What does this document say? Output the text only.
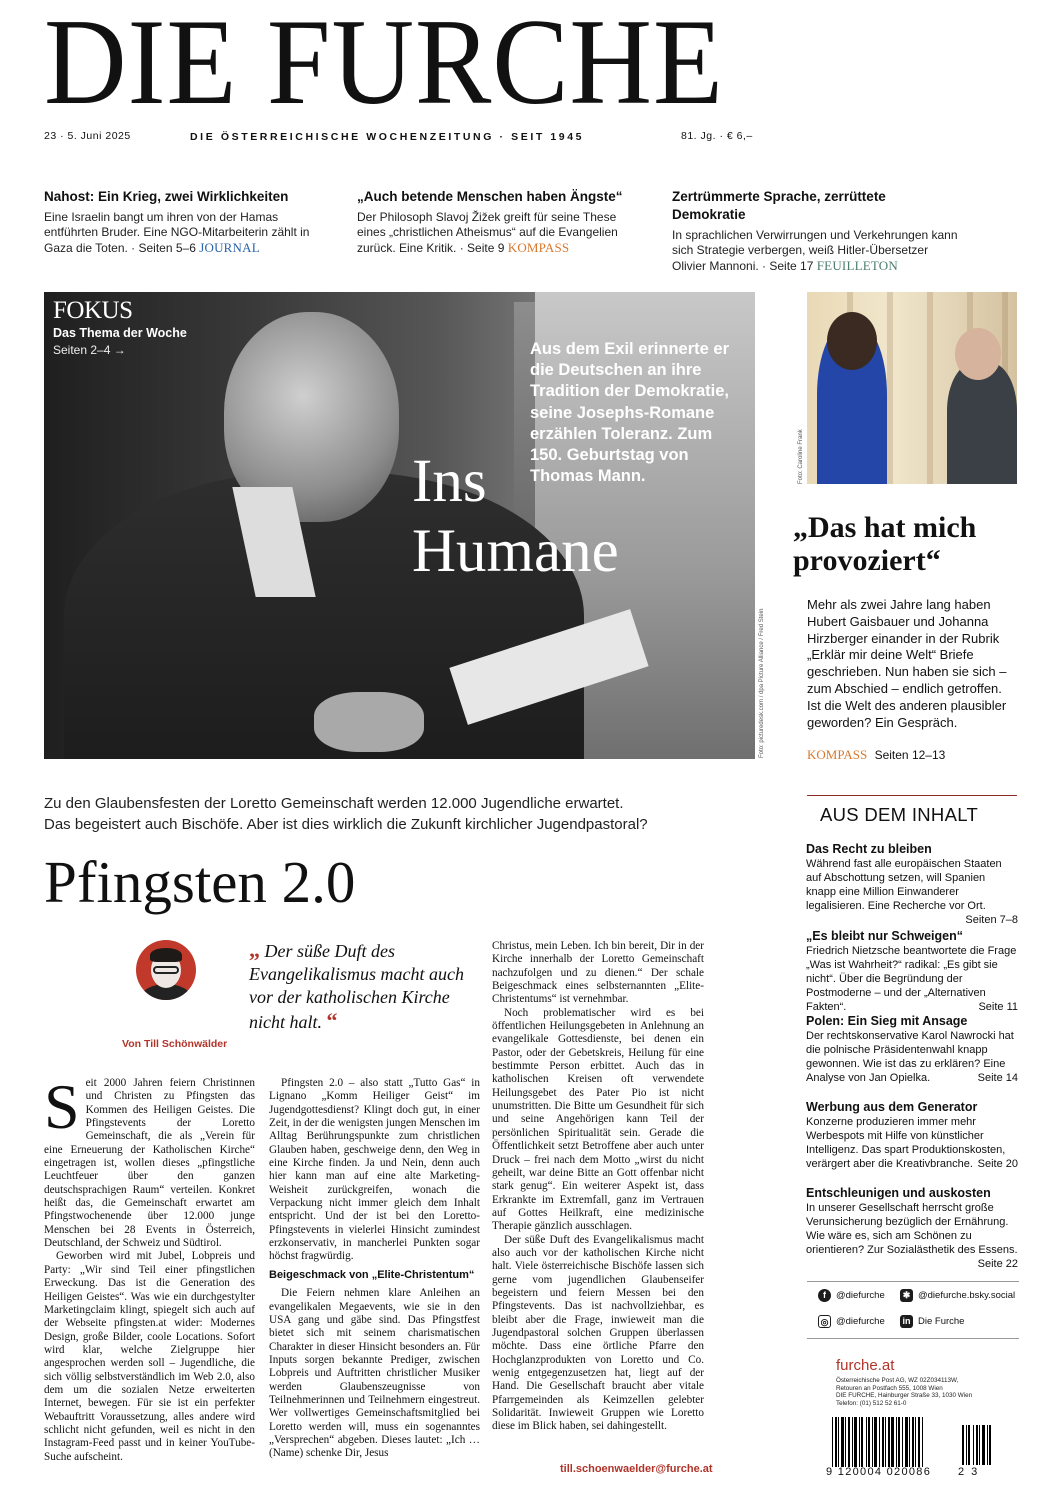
DIE FURCHE
23 · 5. Juni 2025	DIE ÖSTERREICHISCHE WOCHENZEITUNG · SEIT 1945	81. Jg. · € 6,–
Nahost: Ein Krieg, zwei Wirklichkeiten

Eine Israelin bangt um ihren von der Hamas entführten Bruder. Eine NGO-Mitarbeiterin zählt in Gaza die Toten. · Seiten 5–6 JOURNAL

„Auch betende Menschen haben Ängste“

Der Philosoph Slavoj Žižek greift für seine These eines „christlichen Atheismus“ auf die Evangelien zurück. Eine Kritik. · Seite 9 KOMPASS

Zertrümmerte Sprache, zerrüttete Demokratie

In sprachlichen Verwirrungen und Verkehrungen kann sich Strategie verbergen, weiß Hitler-Übersetzer Olivier Mannoni. · Seite 17 FEUILLETON

FOKUS
Das Thema der Woche
Seiten 2–4 →	Aus dem Exil erinnerte er die Deutschen an ihre Tradition der Demokratie, seine Josephs-Romane erzählen Toleranz. Zum 150. Geburtstag von Thomas Mann.
Ins
Humane
Foto: picturedesk.com / dpa Picture Alliance / Fred Stein
Foto: Caroline Frank
„Das hat mich provoziert“
Mehr als zwei Jahre lang haben Hubert Gaisbauer und Johanna Hirzberger einander in der Rubrik „Erklär mir deine Welt“ Briefe geschrieben. Nun haben sie sich – zum Abschied – endlich getroffen. Ist die Welt des anderen plausibler geworden? Ein Gespräch.
KOMPASS Seiten 12–13
Zu den Glaubensfesten der Loretto Gemeinschaft werden 12.000 Jugendliche erwartet.
Das begeistert auch Bischöfe. Aber ist dies wirklich die Zukunft kirchlicher Jugendpastoral?
Pfingsten 2.0
Von Till Schönwälder
„ Der süße Duft des Evangelikalismus macht auch vor der katholischen Kirche nicht halt. “

Seit 2000 Jahren feiern Christinnen und Christen zu Pfingsten das Kommen des Heiligen Geistes. Die Pfingstevents der Loretto Gemeinschaft, die als „Verein für eine Erneuerung der Katholischen Kirche“ eingetragen ist, wollen dieses „pfingstliche Leuchtfeuer über den ganzen deutschsprachigen Raum“ verteilen. Konkret heißt das, die Gemeinschaft erwartet am Pfingstwochenende über 12.000 junge Menschen bei 28 Events in Österreich, Deutschland, der Schweiz und Südtirol.

Geworben wird mit Jubel, Lobpreis und Party: „Wir sind Teil einer pfingstlichen Erweckung. Das ist die Generation des Heiligen Geistes“. Was wie ein durchgestylter Marketingclaim klingt, spiegelt sich auch auf der Webseite pfingsten.at wider: Modernes Design, große Bilder, coole Locations. Sofort wird klar, welche Zielgruppe hier angesprochen werden soll – Jugendliche, die sich völlig selbstverständlich im Web 2.0, also dem um die sozialen Netze erweiterten Internet, bewegen. Für sie ist ein perfekter Webauftritt Voraussetzung, alles andere wird schlicht nicht gefunden, weil es nicht in den Instagram-Feed passt und in keiner YouTube-Suche aufscheint.

Pfingsten 2.0 – also statt „Tutto Gas“ in Lignano „Komm Heiliger Geist“ im Jugendgottesdienst? Klingt doch gut, in einer Zeit, in der die wenigsten jungen Menschen im Alltag Berührungspunkte zum christlichen Glauben haben, geschweige denn, den Weg in eine Kirche finden. Ja und Nein, denn auch hier kann man auf eine alte Marketing-Weisheit zurückgreifen, wonach die Verpackung nicht immer gleich dem Inhalt entspricht. Und der ist bei den Loretto-Pfingstevents in vielerlei Hinsicht zumindest erzkonservativ, in mancherlei Punkten sogar höchst fragwürdig.

Beigeschmack von „Elite-Christentum“

Die Feiern nehmen klare Anleihen an evangelikalen Megaevents, wie sie in den USA gang und gäbe sind. Das Pfingstfest bietet sich mit seinem charismatischen Charakter in dieser Hinsicht besonders an. Für Inputs sorgen bekannte Prediger, zwischen Lobpreis und Auftritten christlicher Musiker werden Glaubenszeugnisse von Teilnehmerinnen und Teilnehmern eingestreut. Wer vollwertiges Gemeinschaftsmitglied bei Loretto werden will, muss ein sogenanntes „Versprechen“ abgeben. Dieses lautet: „Ich … (Name) schenke Dir, Jesus

Christus, mein Leben. Ich bin bereit, Dir in der Kirche innerhalb der Loretto Gemeinschaft nachzufolgen und zu dienen.“ Der schale Beigeschmack eines selbsternannten „Elite-Christentums“ ist vernehmbar.

Noch problematischer wird es bei öffentlichen Heilungsgebeten in Anlehnung an evangelikale Gottesdienste, bei denen ein Pastor, oder der Gebetskreis, Heilung für eine bestimmte Person erbittet. Auch das in katholischen Kreisen oft verwendete Heilungsgebet des Pater Pio ist nicht unumstritten. Die Bitte um Gesundheit für sich und seine Angehörigen kann Teil der persönlichen Spiritualität sein. Gerade die Öffentlichkeit setzt Betroffene aber auch unter Druck – frei nach dem Motto „wirst du nicht geheilt, war deine Bitte an Gott offenbar nicht stark genug“. Ein weiterer Aspekt ist, dass Erkrankte im Extremfall, ganz im Vertrauen auf Gottes Heilkraft, eine medizinische Therapie gänzlich ausschlagen.

Der süße Duft des Evangelikalismus macht also auch vor der katholischen Kirche nicht halt. Viele österreichische Bischöfe lassen sich gerne vom jugendlichen Glaubenseifer begeistern und feiern Messen bei den Pfingstevents. Das ist nachvollziehbar, es bleibt aber die Frage, inwieweit man die Jugendpastoral solchen Gruppen überlassen möchte. Dass eine örtliche Pfarre den Hochglanzprodukten von Loretto und Co. wenig entgegenzusetzen hat, liegt auf der Hand. Die Gesellschaft braucht aber vitale Pfarrgemeinden als Keimzellen gelebter Solidarität. Inwieweit Gruppen wie Loretto diese im Blick haben, sei dahingestellt.

till.schoenwaelder@furche.at
AUS DEM INHALT
Das Recht zu bleiben

Während fast alle europäischen Staaten auf Abschottung setzen, will Spanien knapp eine Million Einwanderer legalisieren. Eine Recherche vor Ort.
Seiten 7–8

„Es bleibt nur Schweigen“

Friedrich Nietzsche beantwortete die Frage „Was ist Wahrheit?“ radikal: „Es gibt sie nicht“. Über die Begründung der Postmoderne – und der „Alternativen Fakten“.	Seite 11

Polen: Ein Sieg mit Ansage

Der rechtskonservative Karol Nawrocki hat die polnische Präsidentenwahl knapp gewonnen. Wie ist das zu erklären? Eine Analyse von Jan Opielka.	Seite 14

Werbung aus dem Generator

Konzerne produzieren immer mehr Werbespots mit Hilfe von künstlicher Intelligenz. Das spart Produktionskosten, verärgert aber die Kreativbranche. Seite 20

Entschleunigen und auskosten

In unserer Gesellschaft herrscht große Verunsicherung bezüglich der Ernährung. Wie wäre es, sich am Schönen zu orientieren? Zur Sozialästhetik des Essens.
Seite 22

f	@diefurche	✱ @diefurche.bsky.social
◎ @diefurche in Die Furche
furche.at
Österreichische Post AG, WZ 02Z034113W,
Retouren an Postfach 555, 1008 Wien
DIE FURCHE, Hainburger Straße 33, 1030 Wien
Telefon: (01) 512 52 61-0
9 120004 020086 2 3
